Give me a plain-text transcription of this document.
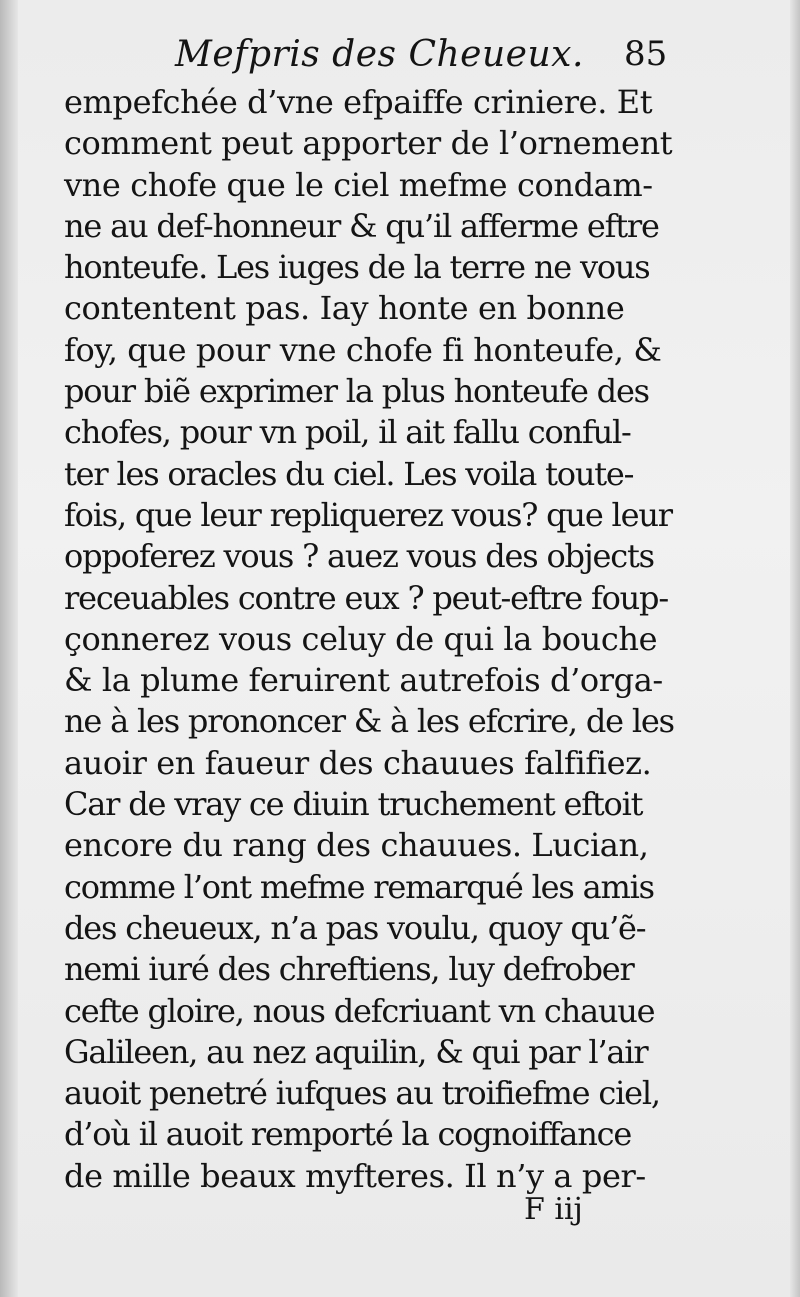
Mefpris des Cheueux. 85
empefchée d’vne efpaiffe criniere. Et
comment peut apporter de l’ornement
vne chofe que le ciel mefme condam-
ne au def-honneur & qu’il afferme eftre
honteufe. Les iuges de la terre ne vous
contentent pas. Iay honte en bonne
foy, que pour vne chofe fi honteufe, &
pour biẽ exprimer la plus honteufe des
chofes, pour vn poil, il ait fallu conful-
ter les oracles du ciel. Les voila toute-
fois, que leur repliquerez vous? que leur
oppoferez vous ? auez vous des objects
receuables contre eux ? peut-eftre foup-
çonnerez vous celuy de qui la bouche
& la plume feruirent autrefois d’orga-
ne à les prononcer & à les efcrire, de les
auoir en faueur des chauues falfifiez.
Car de vray ce diuin truchement eftoit
encore du rang des chauues. Lucian,
comme l’ont mefme remarqué les amis
des cheueux, n’a pas voulu, quoy qu’ẽ-
nemi iuré des chreftiens, luy defrober
cefte gloire, nous defcriuant vn chauue
Galileen, au nez aquilin, & qui par l’air
auoit penetré iufques au troifiefme ciel,
d’où il auoit remporté la cognoiffance
de mille beaux myfteres. Il n’y a per-
F iij
